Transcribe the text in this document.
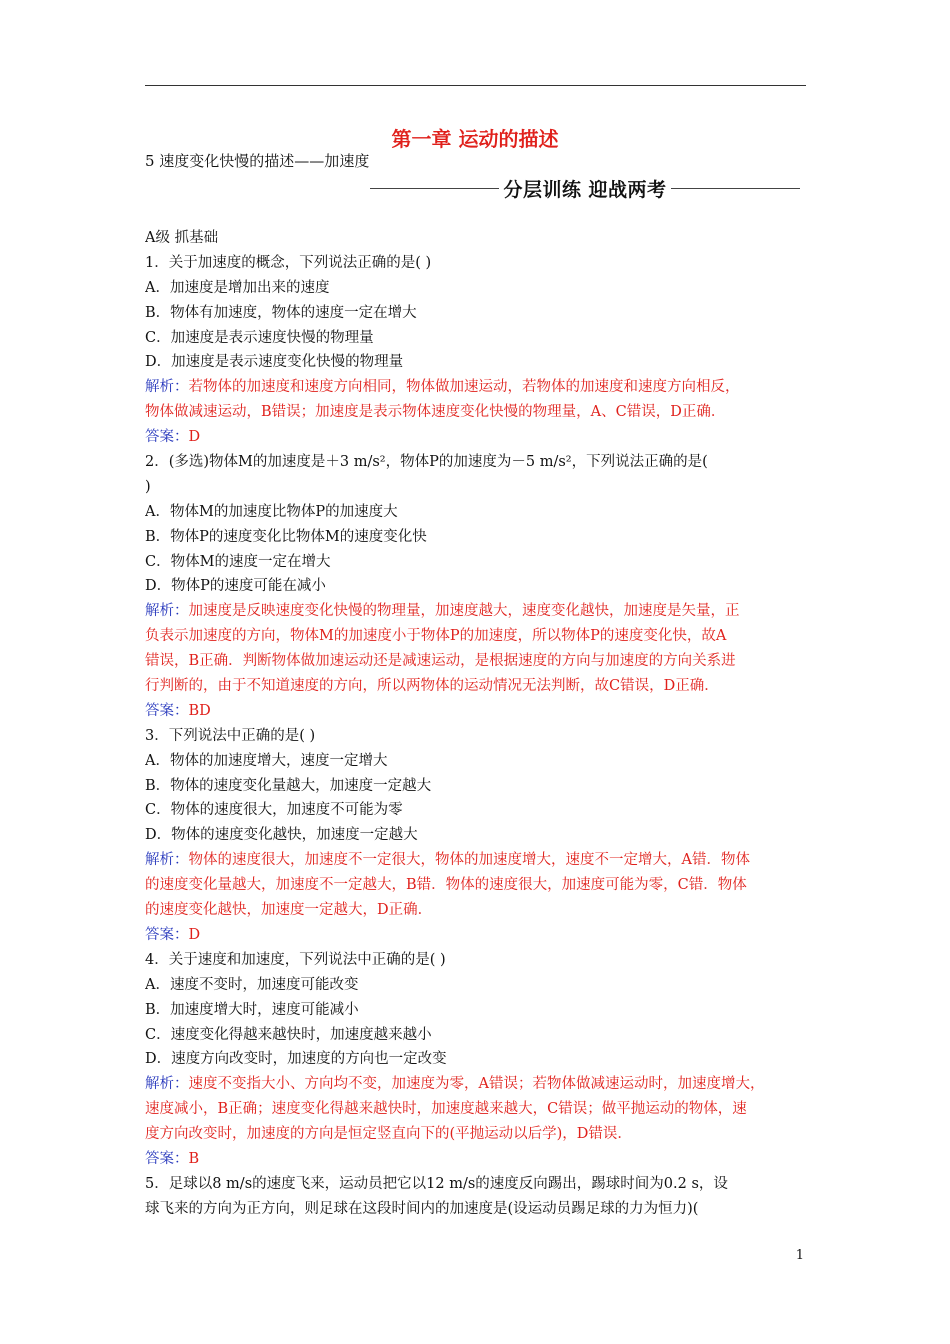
第一章 运动的描述
5 速度变化快慢的描述——加速度
分层训练 迎战两考
A级 抓基础
1．关于加速度的概念，下列说法正确的是( )
A．加速度是增加出来的速度
B．物体有加速度，物体的速度一定在增大
C．加速度是表示速度快慢的物理量
D．加速度是表示速度变化快慢的物理量
解析：若物体的加速度和速度方向相同，物体做加速运动，若物体的加速度和速度方向相反，
物体做减速运动，B错误；加速度是表示物体速度变化快慢的物理量，A、C错误，D正确．
答案：D
2．(多选)物体M的加速度是＋3 m/s²，物体P的加速度为－5 m/s²，下列说法正确的是(
)
A．物体M的加速度比物体P的加速度大
B．物体P的速度变化比物体M的速度变化快
C．物体M的速度一定在增大
D．物体P的速度可能在减小
解析：加速度是反映速度变化快慢的物理量，加速度越大，速度变化越快，加速度是矢量，正
负表示加速度的方向，物体M的加速度小于物体P的加速度，所以物体P的速度变化快，故A
错误，B正确．判断物体做加速运动还是减速运动，是根据速度的方向与加速度的方向关系进
行判断的，由于不知道速度的方向，所以两物体的运动情况无法判断，故C错误，D正确．
答案：BD
3．下列说法中正确的是( )
A．物体的加速度增大，速度一定增大
B．物体的速度变化量越大，加速度一定越大
C．物体的速度很大，加速度不可能为零
D．物体的速度变化越快，加速度一定越大
解析：物体的速度很大，加速度不一定很大，物体的加速度增大，速度不一定增大，A错．物体
的速度变化量越大，加速度不一定越大，B错．物体的速度很大，加速度可能为零，C错．物体
的速度变化越快，加速度一定越大，D正确．
答案：D
4．关于速度和加速度，下列说法中正确的是( )
A．速度不变时，加速度可能改变
B．加速度增大时，速度可能减小
C．速度变化得越来越快时，加速度越来越小
D．速度方向改变时，加速度的方向也一定改变
解析：速度不变指大小、方向均不变，加速度为零，A错误；若物体做减速运动时，加速度增大，
速度减小，B正确；速度变化得越来越快时，加速度越来越大，C错误；做平抛运动的物体，速
度方向改变时，加速度的方向是恒定竖直向下的(平抛运动以后学)，D错误．
答案：B
5．足球以8 m/s的速度飞来，运动员把它以12 m/s的速度反向踢出，踢球时间为0.2 s，设
球飞来的方向为正方向，则足球在这段时间内的加速度是(设运动员踢足球的力为恒力)(
1
